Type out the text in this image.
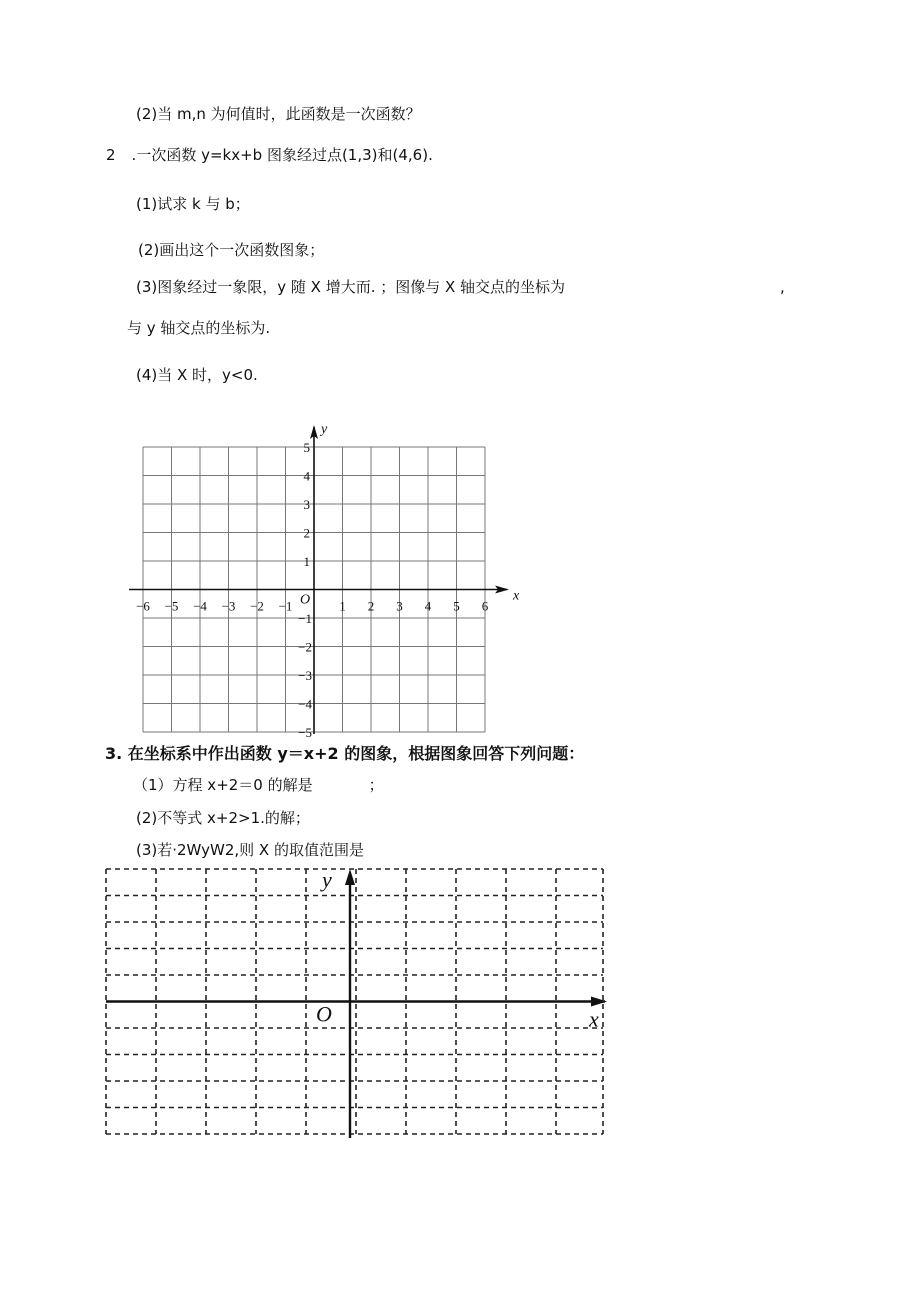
(2)当 m,n 为何值时，此函数是一次函数？
2 .一次函数 y=kx+b 图象经过点(1,3)和(4,6).
(1)试求 k 与 b；
(2)画出这个一次函数图象；
(3)图象经过一象限，y 随 X 增大而. ；图像与 X 轴交点的坐标为	,
与 y 轴交点的坐标为.
(4)当 X 时，y<0.
x
y
O
−6 −5 −4 −3 −2 −1	1 2 3 4 5 6
5
4
3
2
1
−1
−2
−3
−4
−5
3. 在坐标系中作出函数 y＝x+2 的图象，根据图象回答下列问题：
（1）方程 x+2＝0 的解是	；
(2)不等式 x+2>1.的解；
(3)若·2WyW2,则 X 的取值范围是
x
y
O
